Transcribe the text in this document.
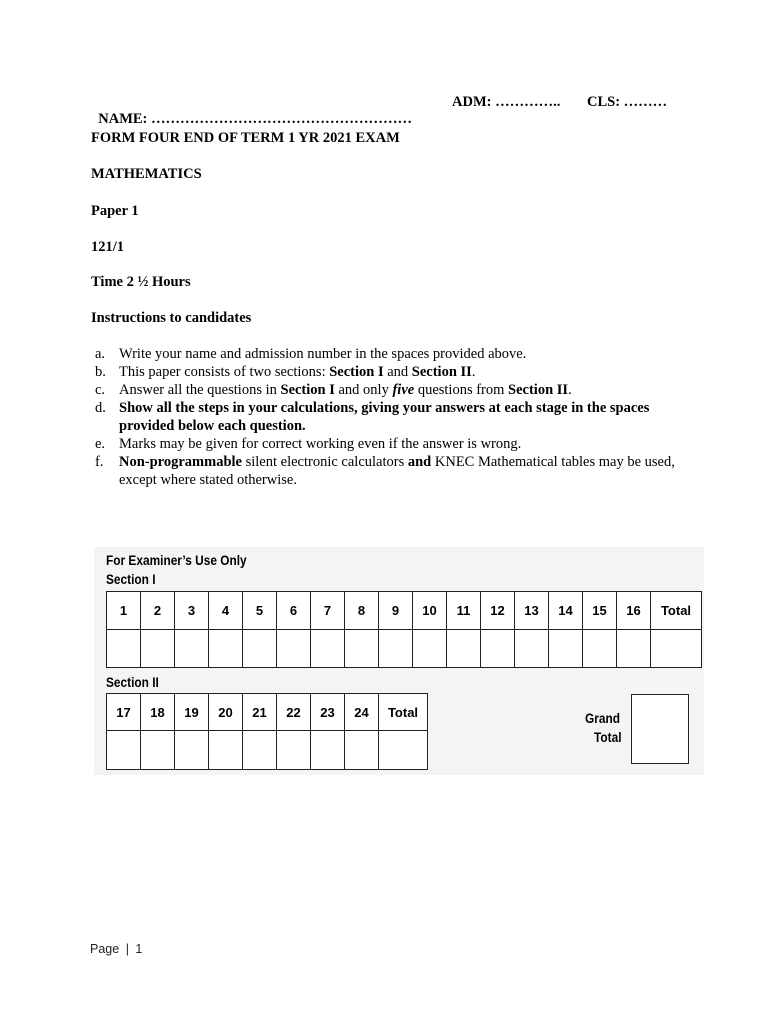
NAME: ………………………………………………
ADM: ………….. CLS: ………

FORM FOUR END OF TERM 1 YR 2021 EXAM
MATHEMATICS
Paper 1
121/1
Time 2 ½ Hours
Instructions to candidates
a. Write your name and admission number in the spaces provided above.
b. This paper consists of two sections: Section I and Section II.
c. Answer all the questions in Section I and only five questions from Section II.
d. Show all the steps in your calculations, giving your answers at each stage in the spaces provided below each question.
e. Marks may be given for correct working even if the answer is wrong.
f. Non-programmable silent electronic calculators and KNEC Mathematical tables may be used, except where stated otherwise.
For Examiner’s Use Only
Section I
1	2	3	4	5	6	7	8	9	10	11	12	13	14	15	16	Total

Section II
17	18	19	20	21	22	23	24	Total
									Grand
Total
Page | 1
